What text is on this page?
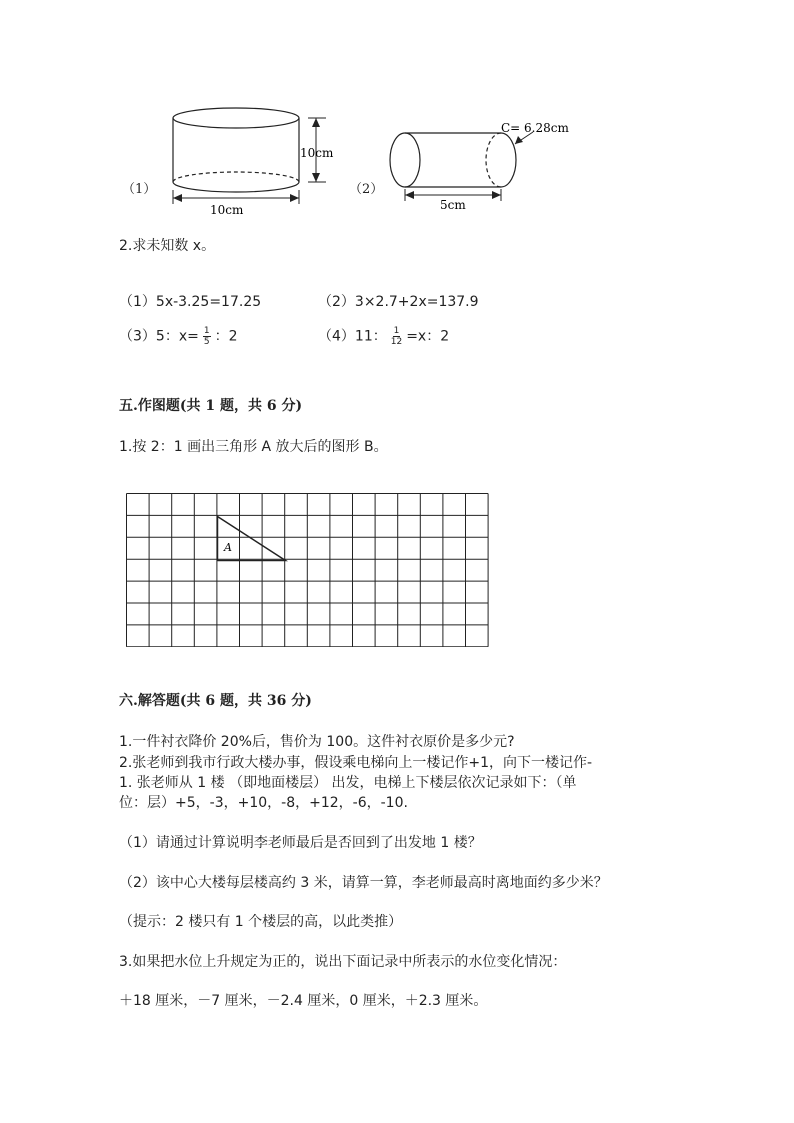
（1）
10cm
10cm
（2）
C= 6.28cm
5cm
2.求未知数 x。
（1）5x-3.25=17.25	（2）3×2.7+2x=137.9
（3）5：$x= \frac{1}{5}$ ：2	（4）11： $\frac{1}{12} =x$：2
五.作图题(共 1 题，共 6 分)
1.按 2：1 画出三角形 A 放大后的图形 B。
A
六.解答题(共 6 题，共 36 分)
1.一件衬衣降价 20%后，售价为 100。这件衬衣原价是多少元?
2.张老师到我市行政大楼办事，假设乘电梯向上一楼记作+1，向下一楼记作-
1. 张老师从 1 楼 （即地面楼层） 出发，电梯上下楼层依次记录如下：（单
位：层）+5，-3，+10，-8，+12，-6，-10.
（1）请通过计算说明李老师最后是否回到了出发地 1 楼？
（2）该中心大楼每层楼高约 3 米，请算一算，李老师最高时离地面约多少米？
（提示：2 楼只有 1 个楼层的高，以此类推）
3.如果把水位上升规定为正的，说出下面记录中所表示的水位变化情况：
＋18 厘米，－7 厘米，－2.4 厘米，0 厘米，＋2.3 厘米。
